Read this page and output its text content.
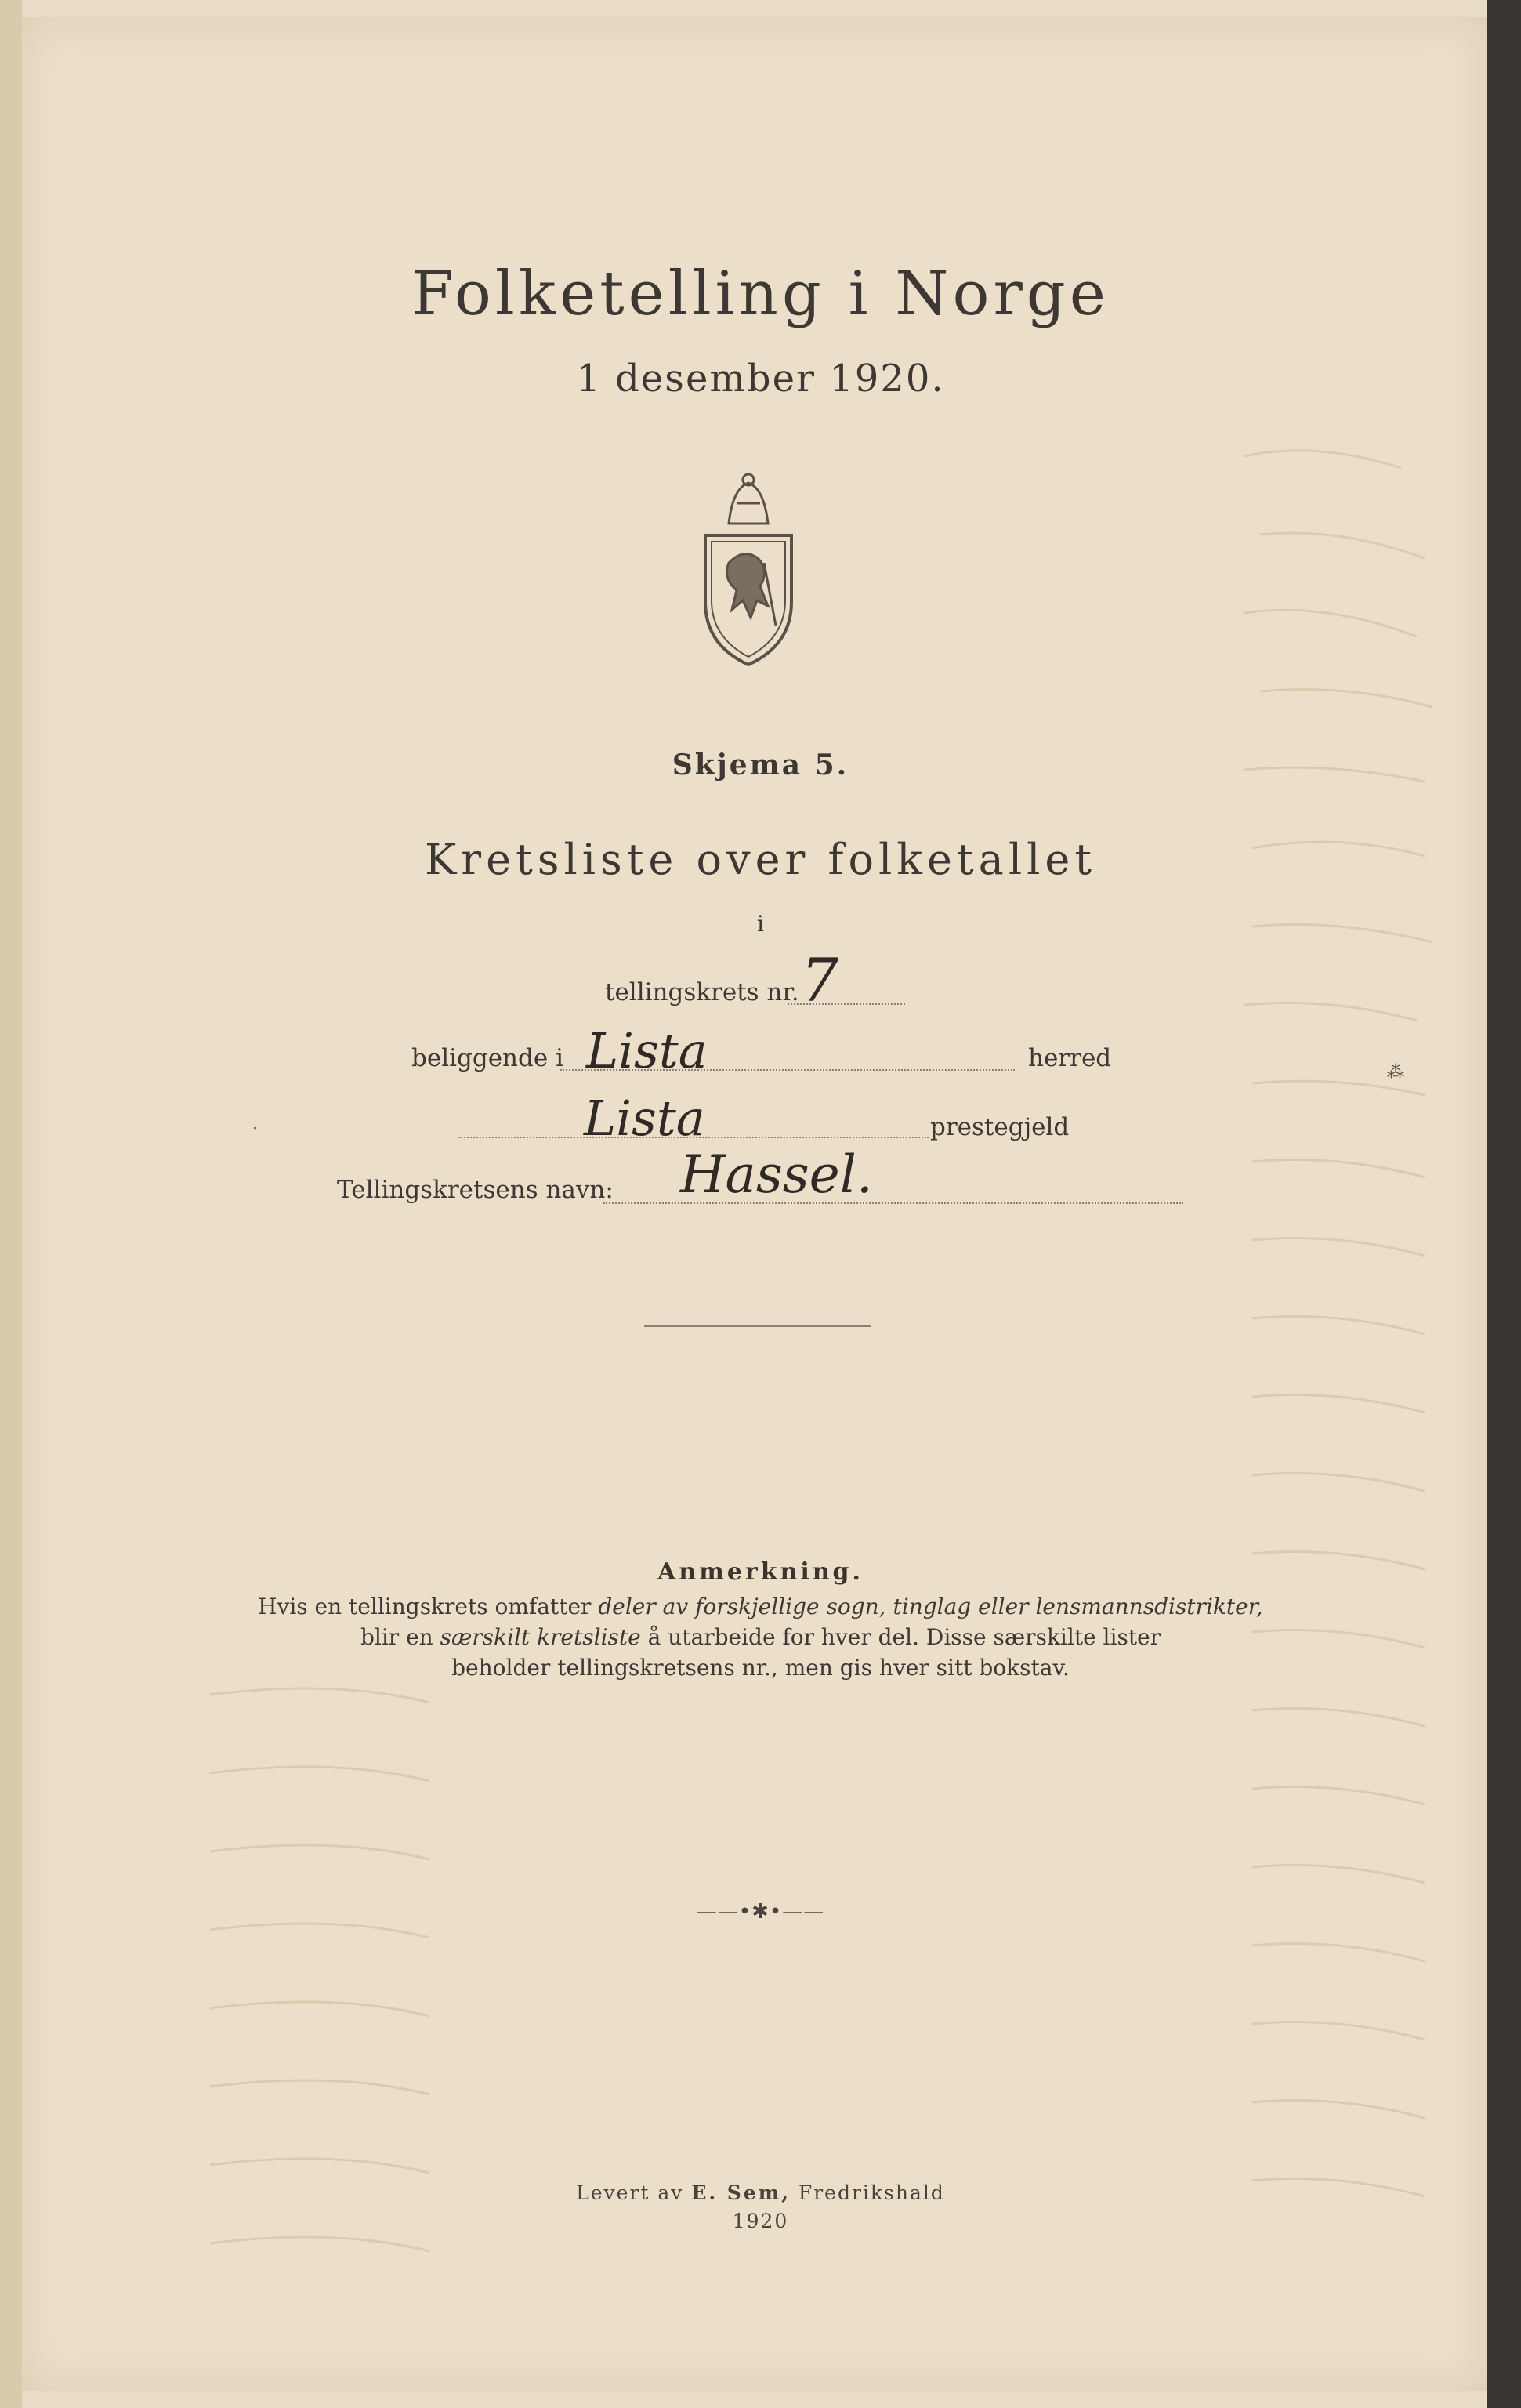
Folketelling i Norge
1 desember 1920.
Skjema 5.
Kretsliste over folketallet
i
tellingskrets nr. 7
beliggende i Lista	herred
Lista	prestegjeld
Tellingskretsens navn: Hassel.
Anmerkning.
Hvis en tellingskrets omfatter deler av forskjellige sogn, tinglag eller lensmannsdistrikter,
blir en særskilt kretsliste å utarbeide for hver del. Disse særskilte lister
beholder tellingskretsens nr., men gis hver sitt bokstav.
——•✱•——
Levert av E. Sem, Fredrikshald
1920
·
⁂
